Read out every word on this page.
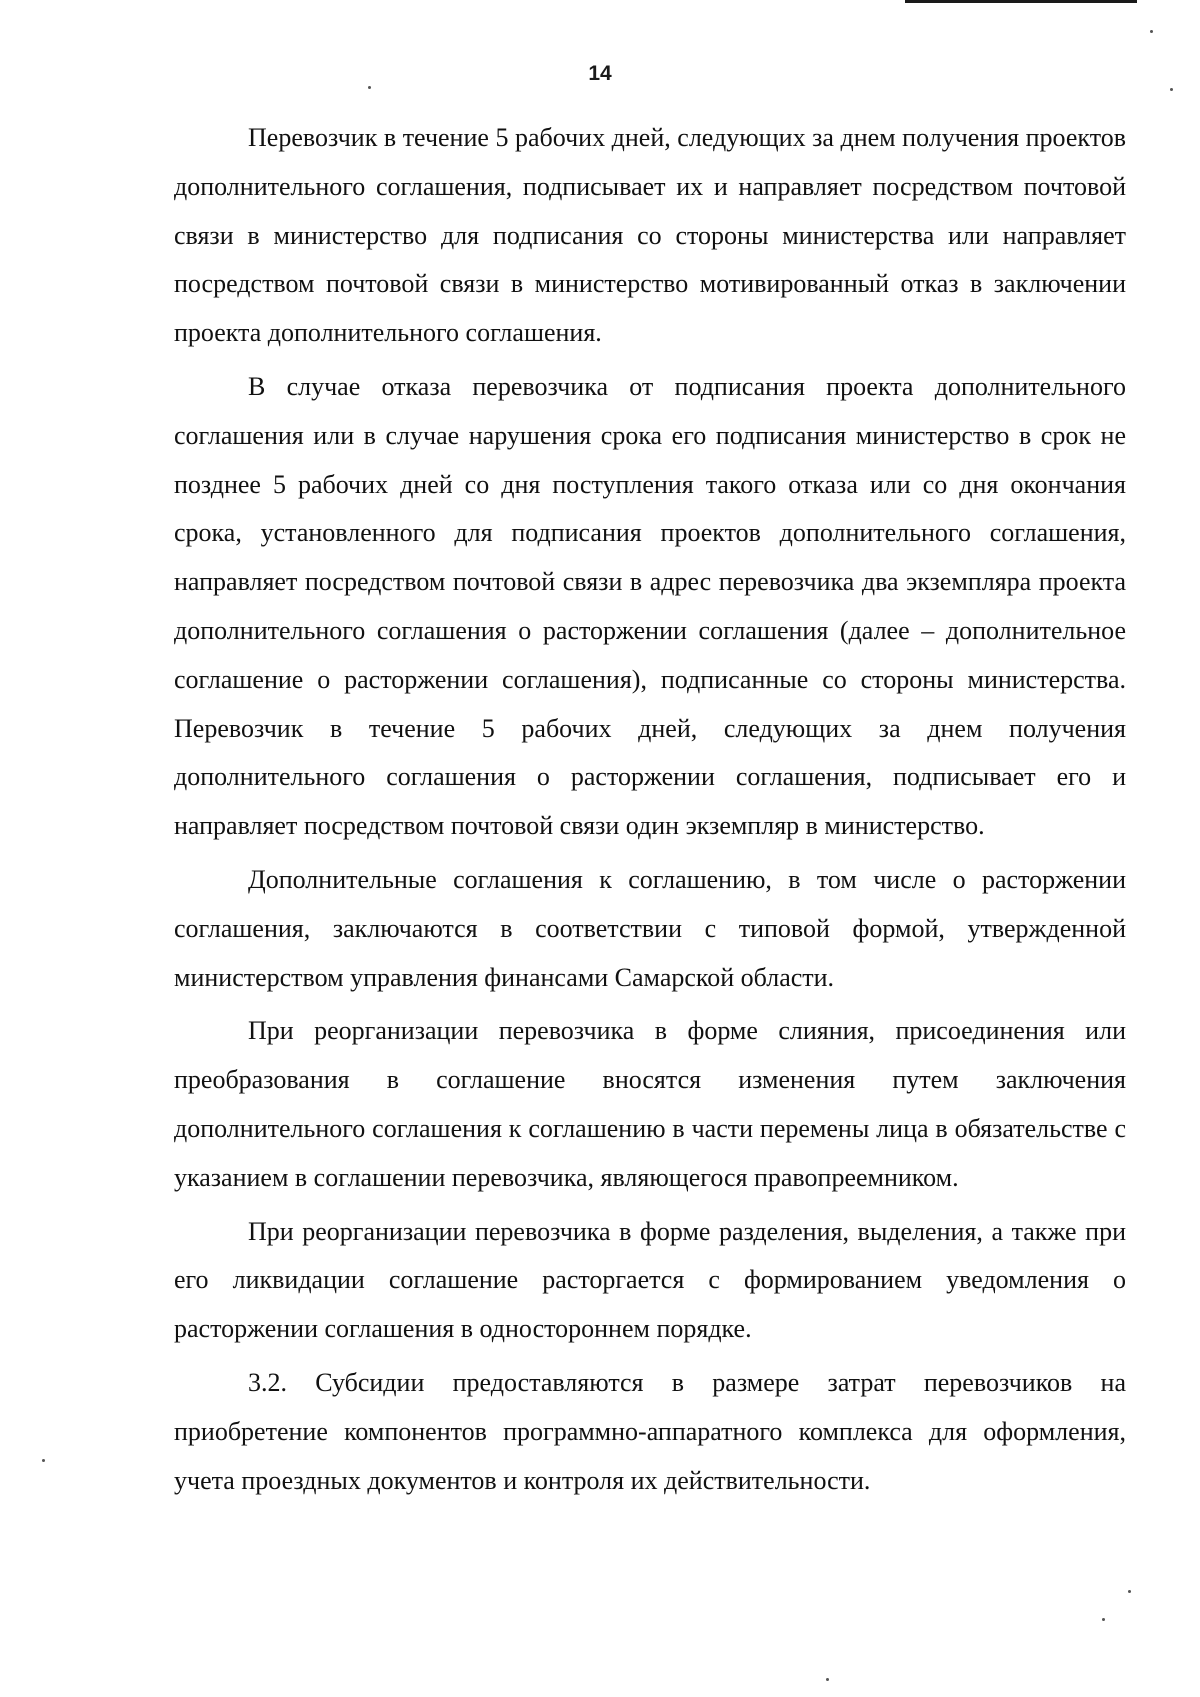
14

Перевозчик в течение 5 рабочих дней, следующих за днем получения проектов дополнительного соглашения, подписывает их и направляет посредством почтовой связи в министерство для подписания со стороны министерства или направляет посредством почтовой связи в министерство мотивированный отказ в заключении проекта дополнительного соглашения.

В случае отказа перевозчика от подписания проекта дополнительного соглашения или в случае нарушения срока его подписания министерство в срок не позднее 5 рабочих дней со дня поступления такого отказа или со дня окончания срока, установленного для подписания проектов дополнительного соглашения, направляет посредством почтовой связи в адрес перевозчика два экземпляра проекта дополнительного соглашения о расторжении соглашения (далее – дополнительное соглашение о расторжении соглашения), подписанные со стороны министерства. Перевозчик в течение 5 рабочих дней, следующих за днем получения дополнительного соглашения о расторжении соглашения, подписывает его и направляет посредством почтовой связи один экземпляр в министерство.

Дополнительные соглашения к соглашению, в том числе о расторжении соглашения, заключаются в соответствии с типовой формой, утвержденной министерством управления финансами Самарской области.

При реорганизации перевозчика в форме слияния, присоединения или преобразования в соглашение вносятся изменения путем заключения дополнительного соглашения к соглашению в части перемены лица в обязательстве с указанием в соглашении перевозчика, являющегося правопреемником.

При реорганизации перевозчика в форме разделения, выделения, а также при его ликвидации соглашение расторгается с формированием уведомления о расторжении соглашения в одностороннем порядке.

3.2. Субсидии предоставляются в размере затрат перевозчиков на приобретение компонентов программно-аппаратного комплекса для оформления, учета проездных документов и контроля их действительности.
